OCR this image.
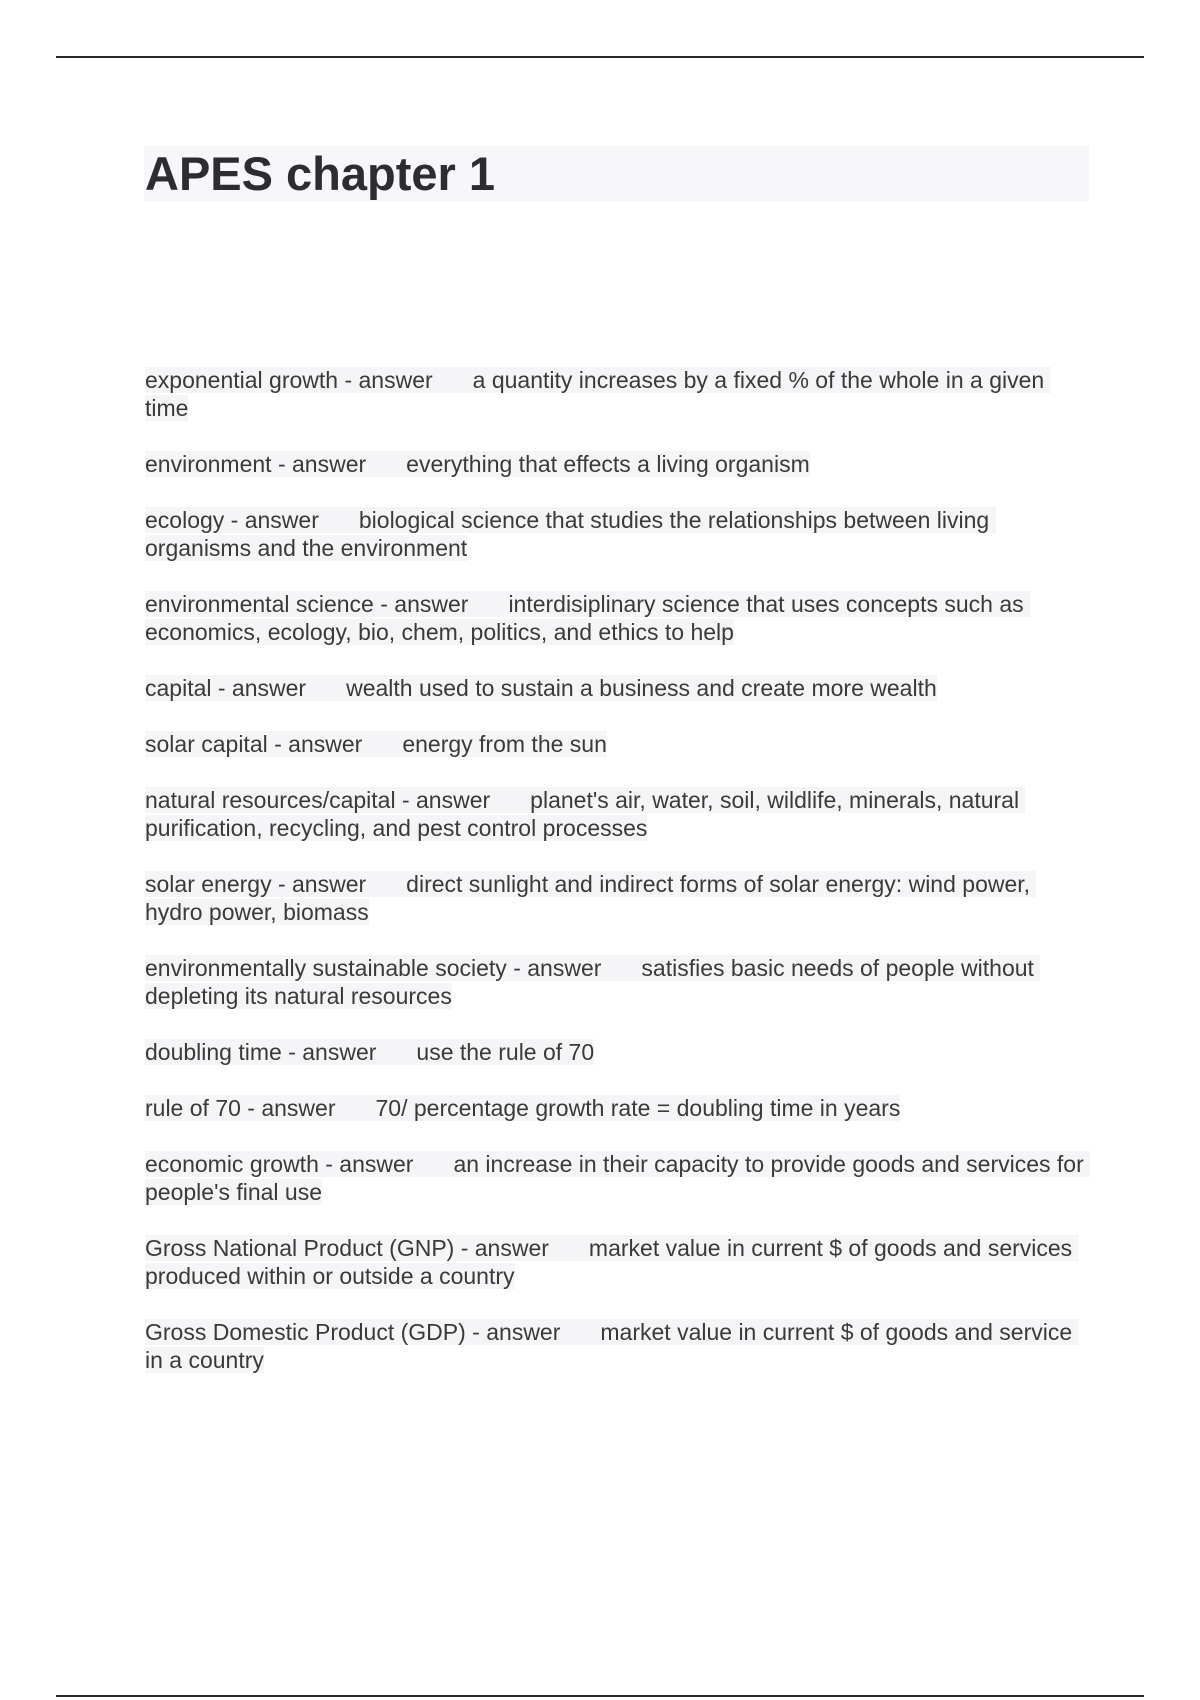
APES chapter 1
exponential growth - answer a quantity increases by a fixed % of the whole in a given time
environment - answer everything that effects a living organism
ecology - answer biological science that studies the relationships between living organisms and the environment
environmental science - answer interdisiplinary science that uses concepts such as economics, ecology, bio, chem, politics, and ethics to help
capital - answer wealth used to sustain a business and create more wealth
solar capital - answer energy from the sun
natural resources/capital - answer planet's air, water, soil, wildlife, minerals, natural purification, recycling, and pest control processes
solar energy - answer direct sunlight and indirect forms of solar energy: wind power, hydro power, biomass
environmentally sustainable society - answer satisfies basic needs of people without depleting its natural resources
doubling time - answer use the rule of 70
rule of 70 - answer 70/ percentage growth rate = doubling time in years
economic growth - answer an increase in their capacity to provide goods and services for people's final use
Gross National Product (GNP) - answer market value in current $ of goods and services produced within or outside a country
Gross Domestic Product (GDP) - answer market value in current $ of goods and service in a country
